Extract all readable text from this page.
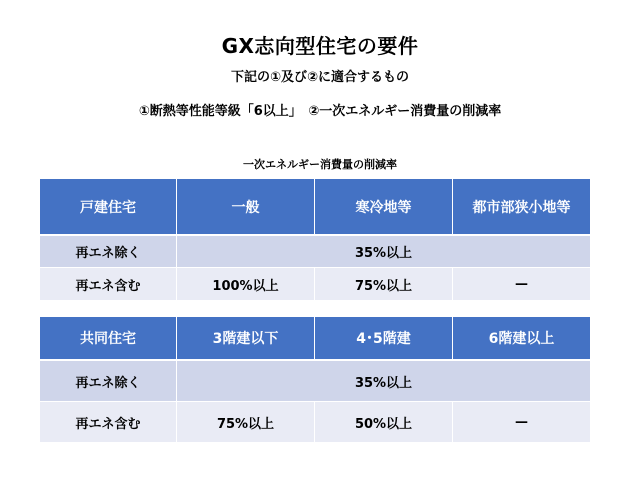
GX志向型住宅の要件
下記の①及び②に適合するもの
①断熱等性能等級「6以上」　②一次エネルギー消費量の削減率
一次エネルギー消費量の削減率
戸建住宅	一般	寒冷地等	都市部狭小地等
再エネ除く	35%以上		
再エネ含む	100%以上	75%以上	—
共同住宅	3階建以下	4･5階建	6階建以上
再エネ除く	35%以上		
再エネ含む	75%以上	50%以上	—
